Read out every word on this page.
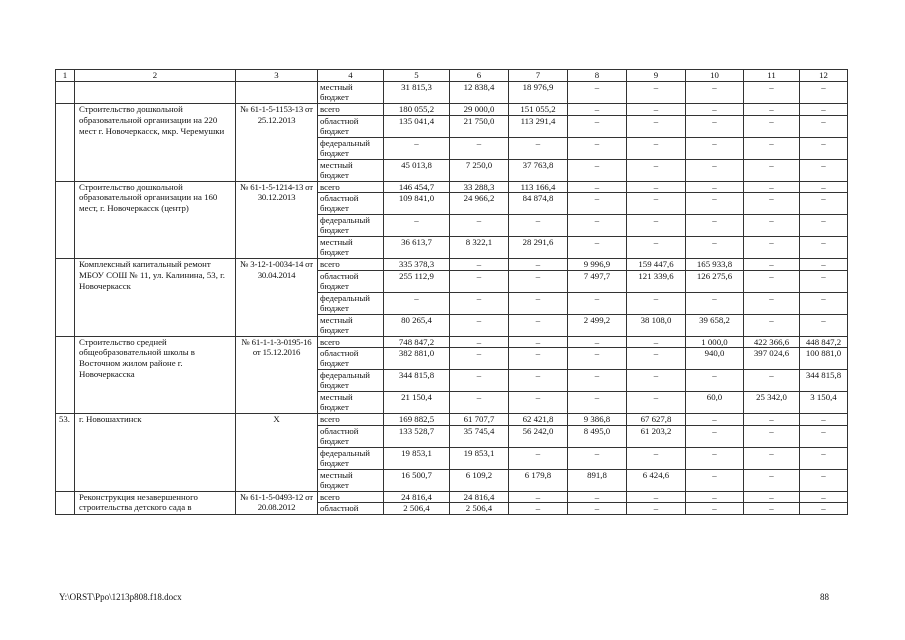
1	2	3	4	5	6	7	8	9	10	11	12
			местный бюджет	31 815,3	12 838,4	18 976,9	–	–	–	–	–
	Строительство дошкольной образовательной организации на 220 мест г. Новочеркасск, мкр. Черемушки	№ 61-1-5-1153-13 от 25.12.2013	всего	180 055,2	29 000,0	151 055,2	–	–	–	–	–
			областной бюджет	135 041,4	21 750,0	113 291,4	–	–	–	–	–
			федеральный бюджет	–	–	–	–	–	–	–	–
			местный бюджет	45 013,8	7 250,0	37 763,8	–	–	–	–	–
	Строительство дошкольной образовательной организации на 160 мест, г. Новочеркасск (центр)	№ 61-1-5-1214-13 от 30.12.2013	всего	146 454,7	33 288,3	113 166,4	–	–	–	–	–
			областной бюджет	109 841,0	24 966,2	84 874,8	–	–	–	–	–
			федеральный бюджет	–	–	–	–	–	–	–	–
			местный бюджет	36 613,7	8 322,1	28 291,6	–	–	–	–	–
	Комплексный капитальный ремонт МБОУ СОШ № 11, ул. Калинина, 53, г. Новочеркасск	№ 3-12-1-0034-14 от 30.04.2014	всего	335 378,3	–	–	9 996,9	159 447,6	165 933,8	–	–
			областной бюджет	255 112,9	–	–	7 497,7	121 339,6	126 275,6	–	–
			федеральный бюджет	–	–	–	–	–	–	–	–
			местный бюджет	80 265,4	–	–	2 499,2	38 108,0	39 658,2	–	–
	Строительство средней общеобразовательной школы в Восточном жилом районе г. Новочеркасска	№ 61-1-1-3-0195-16 от 15.12.2016	всего	748 847,2	–	–	–	–	1 000,0	422 366,6	448 847,2
			областной бюджет	382 881,0	–	–	–	–	940,0	397 024,6	100 881,0
			федеральный бюджет	344 815,8	–	–	–	–	–	–	344 815,8
			местный бюджет	21 150,4	–	–	–	–	60,0	25 342,0	3 150,4
53.	г. Новошахтинск	Х	всего	169 882,5	61 707,7	62 421,8	9 386,8	67 627,8	–	–	–
			областной бюджет	133 528,7	35 745,4	56 242,0	8 495,0	61 203,2	–	–	–
			федеральный бюджет	19 853,1	19 853,1	–	–	–	–	–	–
			местный бюджет	16 500,7	6 109,2	6 179,8	891,8	6 424,6	–	–	–
	Реконструкция незавершенного строительства детского сада в	№ 61-1-5-0493-12 от 20.08.2012	всего	24 816,4	24 816,4	–	–	–	–	–	–
			областной	2 506,4	2 506,4	–	–	–	–	–	–
Y:\ORST\Ppo\1213p808.f18.docx	88
